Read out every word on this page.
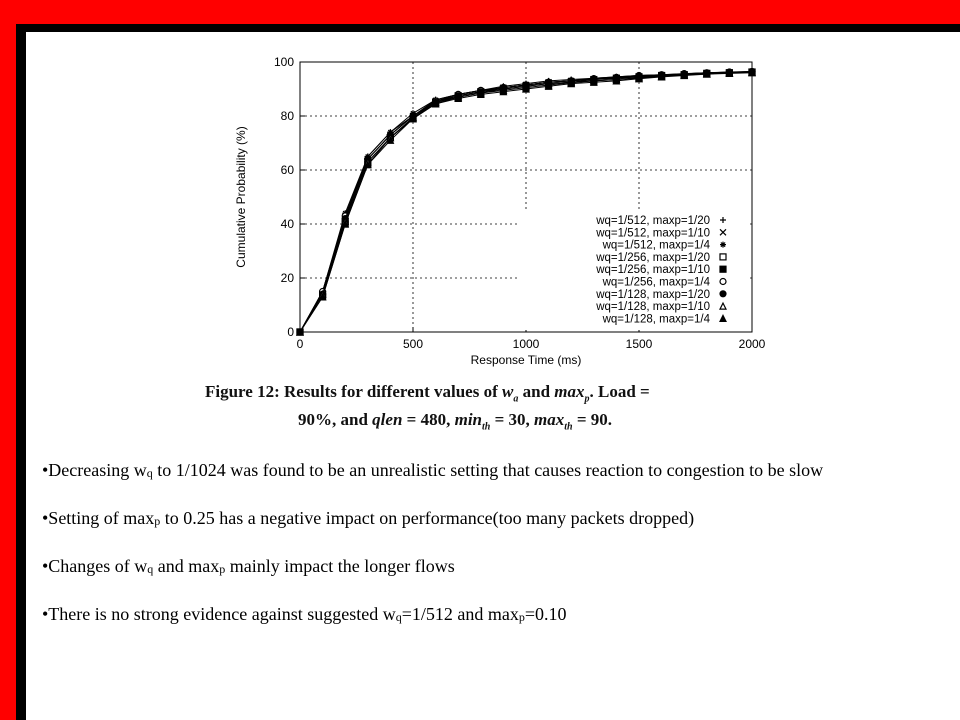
0	500	1000	1500	2000
0
20
40
60
80
100
Response Time (ms)
Cumulative Probability (%)	wq=1/512, maxp=1/20
wq=1/512, maxp=1/10
wq=1/512, maxp=1/4
wq=1/256, maxp=1/20
wq=1/256, maxp=1/10
wq=1/256, maxp=1/4
wq=1/128, maxp=1/20
wq=1/128, maxp=1/10
wq=1/128, maxp=1/4
Figure 12: Results for different values of $w_a$ and $\max_p$. Load =
90%, and qlen = 480, $\min_{th} = 30$, $\max_{th} = 90$.
•Decreasing $w_q$ to 1/1024 was found to be an unrealistic setting that causes reaction to congestion to be slow
•Setting of $\max_p$ to 0.25 has a negative impact on performance(too many packets dropped)
•Changes of $w_q$ and $\max_p$ mainly impact the longer flows
•There is no strong evidence against suggested $w_q=1/512$ and $\max_p=0.10$
